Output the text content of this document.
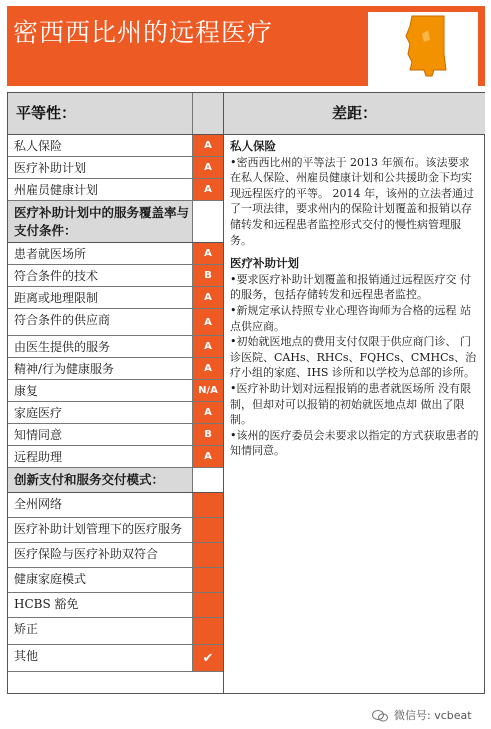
密西西比州的远程医疗
平等性：
私人保险	A
医疗补助计划	A
州雇员健康计划	A
医疗补助计划中的服务覆盖率与支付条件：
患者就医场所	A
符合条件的技术	B
距离或地理限制	A
符合条件的供应商	A
由医生提供的服务	A
精神/行为健康服务	A
康复	N/A
家庭医疗	A
知情同意	B
远程助理	A
创新支付和服务交付模式：
全州网络
医疗补助计划管理下的医疗服务
医疗保险与医疗补助双符合
健康家庭模式
HCBS 豁免
矫正
其他	✔
差距：
私人保险

•密西西比州的平等法于 2013 年颁布。该法要求在私人保险、州雇员健康计划和公共援助金下均实现远程医疗的平等。 2014 年，该州的立法者通过了一项法律，要求州内的保险计划覆盖和报销以存储转发和远程患者监控形式交付的慢性病管理服务。

医疗补助计划

•要求医疗补助计划覆盖和报销通过远程医疗交 付的服务，包括存储转发和远程患者监控。

•新规定承认持照专业心理咨询师为合格的远程 站点供应商。

•初始就医地点的费用支付仅限于供应商门诊、 门诊医院、CAHs、RHCs、FQHCs、CMHCs、治疗小组的家庭、IHS 诊所和以学校为总部的诊所。

•医疗补助计划对远程报销的患者就医场所 没有限制，但却对可以报销的初始就医地点却 做出了限制。

•该州的医疗委员会未要求以指定的方式获取患者的知情同意。

微信号: vcbeat
